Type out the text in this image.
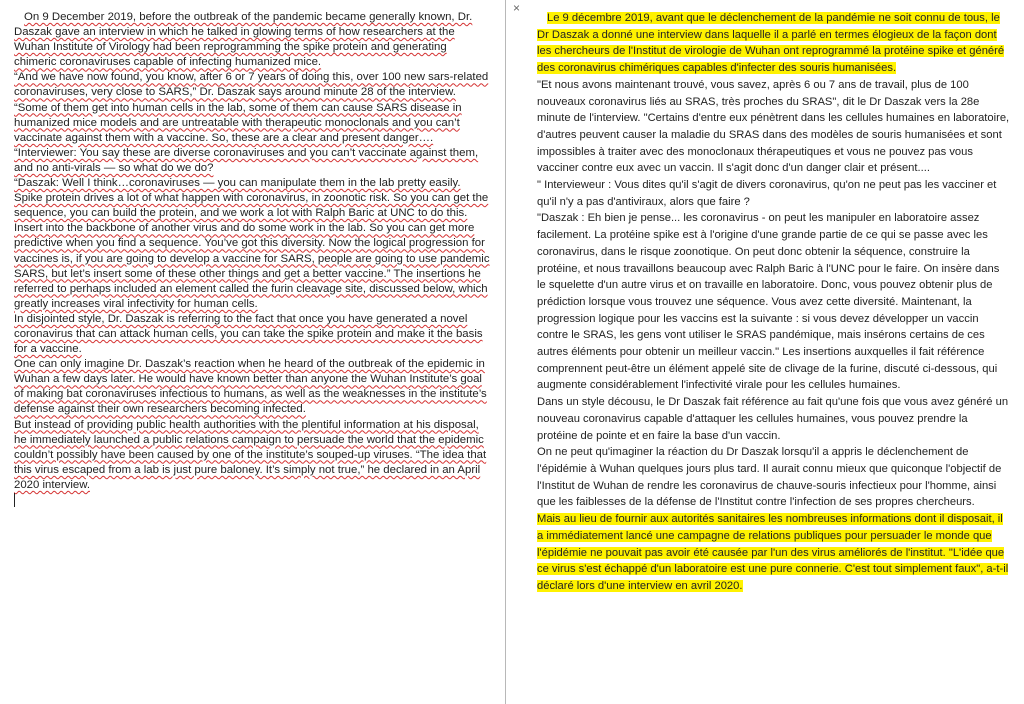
On 9 December 2019, before the outbreak of the pandemic became generally known, Dr. Daszak gave an interview in which he talked in glowing terms of how researchers at the Wuhan Institute of Virology had been reprogramming the spike protein and generating chimeric coronaviruses capable of infecting humanized mice.

“And we have now found, you know, after 6 or 7 years of doing this, over 100 new sars-related coronaviruses, very close to SARS,” Dr. Daszak says around minute 28 of the interview. “Some of them get into human cells in the lab, some of them can cause SARS disease in humanized mice models and are untreatable with therapeutic monoclonals and you can’t vaccinate against them with a vaccine. So, these are a clear and present danger….

“Interviewer: You say these are diverse coronaviruses and you can’t vaccinate against them, and no anti-virals — so what do we do?

“Daszak: Well I think…coronaviruses — you can manipulate them in the lab pretty easily. Spike protein drives a lot of what happen with coronavirus, in zoonotic risk. So you can get the sequence, you can build the protein, and we work a lot with Ralph Baric at UNC to do this. Insert into the backbone of another virus and do some work in the lab. So you can get more predictive when you find a sequence. You’ve got this diversity. Now the logical progression for vaccines is, if you are going to develop a vaccine for SARS, people are going to use pandemic SARS, but let’s insert some of these other things and get a better vaccine.” The insertions he referred to perhaps included an element called the furin cleavage site, discussed below, which greatly increases viral infectivity for human cells.

In disjointed style, Dr. Daszak is referring to the fact that once you have generated a novel coronavirus that can attack human cells, you can take the spike protein and make it the basis for a vaccine.

One can only imagine Dr. Daszak’s reaction when he heard of the outbreak of the epidemic in Wuhan a few days later. He would have known better than anyone the Wuhan Institute’s goal of making bat coronaviruses infectious to humans, as well as the weaknesses in the institute’s defense against their own researchers becoming infected.

But instead of providing public health authorities with the plentiful information at his disposal, he immediately launched a public relations campaign to persuade the world that the epidemic couldn’t possibly have been caused by one of the institute’s souped-up viruses. “The idea that this virus escaped from a lab is just pure baloney. It’s simply not true,” he declared in an April 2020 interview.

×

Le 9 décembre 2019, avant que le déclenchement de la pandémie ne soit connu de tous, le Dr Daszak a donné une interview dans laquelle il a parlé en termes élogieux de la façon dont les chercheurs de l'Institut de virologie de Wuhan ont reprogrammé la protéine spike et généré des coronavirus chimériques capables d'infecter des souris humanisées.

"Et nous avons maintenant trouvé, vous savez, après 6 ou 7 ans de travail, plus de 100 nouveaux coronavirus liés au SRAS, très proches du SRAS", dit le Dr Daszak vers la 28e minute de l'interview. "Certains d'entre eux pénètrent dans les cellules humaines en laboratoire, d'autres peuvent causer la maladie du SRAS dans des modèles de souris humanisées et sont impossibles à traiter avec des monoclonaux thérapeutiques et vous ne pouvez pas vous vacciner contre eux avec un vaccin. Il s'agit donc d'un danger clair et présent....

" Intervieweur : Vous dites qu'il s'agit de divers coronavirus, qu'on ne peut pas les vacciner et qu'il n'y a pas d'antiviraux, alors que faire ?

"Daszak : Eh bien je pense... les coronavirus - on peut les manipuler en laboratoire assez facilement. La protéine spike est à l'origine d'une grande partie de ce qui se passe avec les coronavirus, dans le risque zoonotique. On peut donc obtenir la séquence, construire la protéine, et nous travaillons beaucoup avec Ralph Baric à l'UNC pour le faire. On insère dans le squelette d'un autre virus et on travaille en laboratoire. Donc, vous pouvez obtenir plus de prédiction lorsque vous trouvez une séquence. Vous avez cette diversité. Maintenant, la progression logique pour les vaccins est la suivante : si vous devez développer un vaccin contre le SRAS, les gens vont utiliser le SRAS pandémique, mais insérons certains de ces autres éléments pour obtenir un meilleur vaccin." Les insertions auxquelles il fait référence comprennent peut-être un élément appelé site de clivage de la furine, discuté ci-dessous, qui augmente considérablement l'infectivité virale pour les cellules humaines.

Dans un style décousu, le Dr Daszak fait référence au fait qu'une fois que vous avez généré un nouveau coronavirus capable d'attaquer les cellules humaines, vous pouvez prendre la protéine de pointe et en faire la base d'un vaccin.

On ne peut qu'imaginer la réaction du Dr Daszak lorsqu'il a appris le déclenchement de l'épidémie à Wuhan quelques jours plus tard. Il aurait connu mieux que quiconque l'objectif de l'Institut de Wuhan de rendre les coronavirus de chauve-souris infectieux pour l'homme, ainsi que les faiblesses de la défense de l'Institut contre l'infection de ses propres chercheurs.

Mais au lieu de fournir aux autorités sanitaires les nombreuses informations dont il disposait, il a immédiatement lancé une campagne de relations publiques pour persuader le monde que l'épidémie ne pouvait pas avoir été causée par l'un des virus améliorés de l'institut. "L'idée que ce virus s'est échappé d'un laboratoire est une pure connerie. C'est tout simplement faux", a-t-il déclaré lors d'une interview en avril 2020.
